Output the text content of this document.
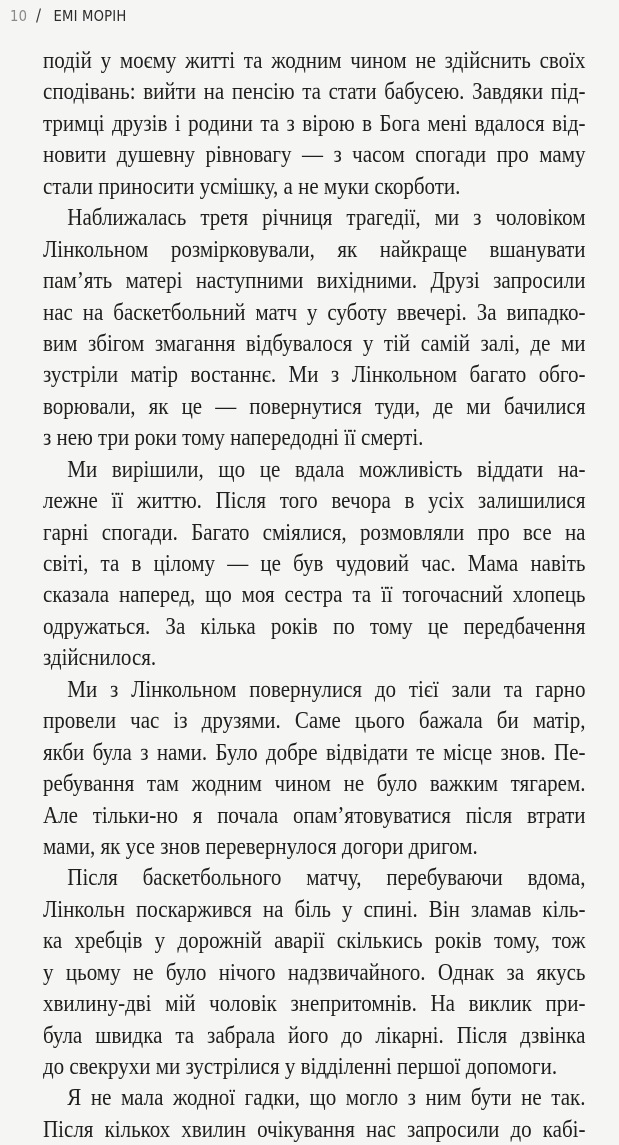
10 / ЕМІ МОРІН
подій у моєму житті та жодним чином не здійснить своїх
сподівань: вийти на пенсію та стати бабусею. Завдяки під-
тримці друзів і родини та з вірою в Бога мені вдалося від-
новити душевну рівновагу — з часом спогади про маму
стали приносити усмішку, а не муки скорботи.
Наближалась третя річниця трагедії, ми з чоловіком
Лінкольном розмірковували, як найкраще вшанувати
пам’ять матері наступними вихідними. Друзі запросили
нас на баскетбольний матч у суботу ввечері. За випадко-
вим збігом змагання відбувалося у тій самій залі, де ми
зустріли матір востаннє. Ми з Лінкольном багато обго-
ворювали, як це — повернутися туди, де ми бачилися
з нею три роки тому напередодні її смерті.
Ми вирішили, що це вдала можливість віддати на-
лежне її життю. Після того вечора в усіх залишилися
гарні спогади. Багато сміялися, розмовляли про все на
світі, та в цілому — це був чудовий час. Мама навіть
сказала наперед, що моя сестра та її тогочасний хлопець
одружаться. За кілька років по тому це передбачення
здійснилося.
Ми з Лінкольном повернулися до тієї зали та гарно
провели час із друзями. Саме цього бажала би матір,
якби була з нами. Було добре відвідати те місце знов. Пе-
ребування там жодним чином не було важким тягарем.
Але тільки-но я почала опам’ятовуватися після втрати
мами, як усе знов перевернулося догори дригом.
Після баскетбольного матчу, перебуваючи вдома,
Лінкольн поскаржився на біль у спині. Він зламав кіль-
ка хребців у дорожній аварії скількись років тому, тож
у цьому не було нічого надзвичайного. Однак за якусь
хвилину-дві мій чоловік знепритомнів. На виклик при-
була швидка та забрала його до лікарні. Після дзвінка
до свекрухи ми зустрілися у відділенні першої допомоги.
Я не мала жодної гадки, що могло з ним бути не так.
Після кількох хвилин очікування нас запросили до кабі-
